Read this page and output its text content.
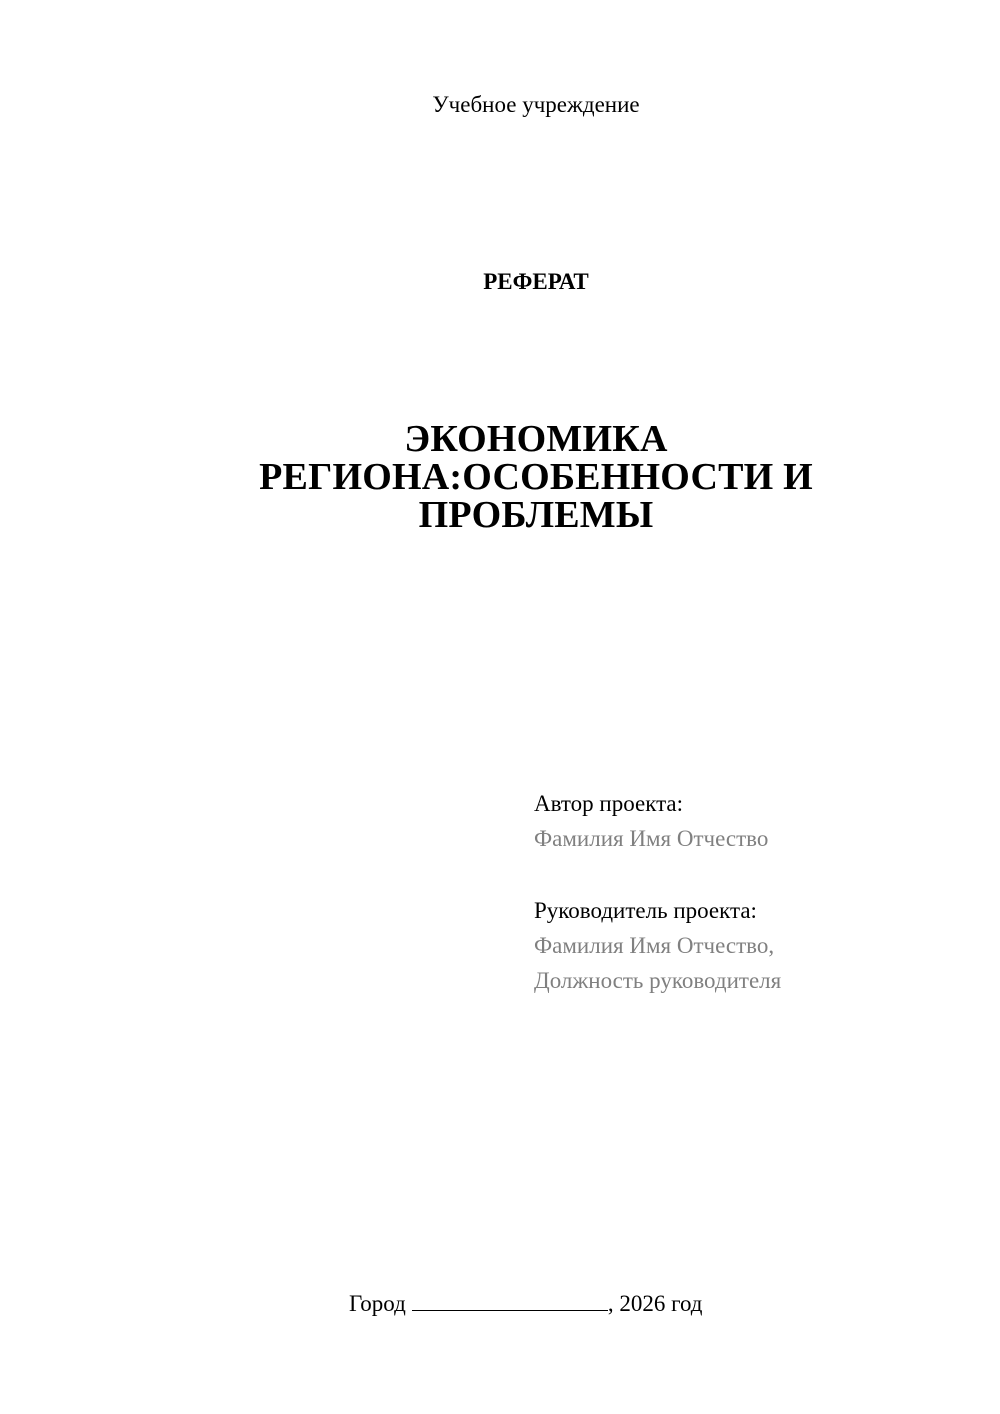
Учебное учреждение
РЕФЕРАТ
ЭКОНОМИКА
РЕГИОНА:ОСОБЕННОСТИ И
ПРОБЛЕМЫ
Автор проекта:
Фамилия Имя Отчество
Руководитель проекта:
Фамилия Имя Отчество,
Должность руководителя
Город	, 2026 год
